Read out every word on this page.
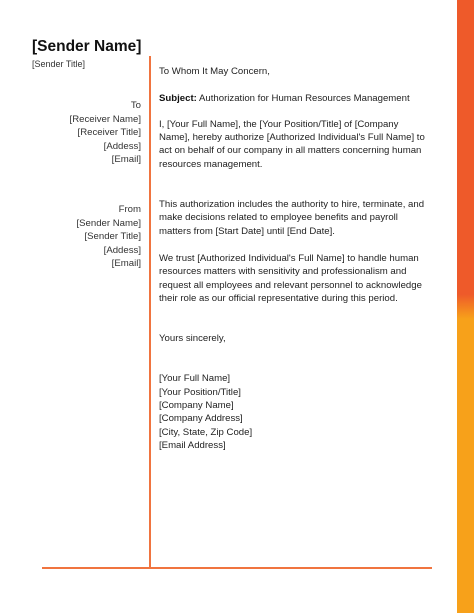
[Sender Name]
[Sender Title]
To
[Receiver Name]
[Receiver Title]
[Addess]
[Email]
From
[Sender Name]
[Sender Title]
[Addess]
[Email]

To Whom It May Concern,

Subject: Authorization for Human Resources Management

I, [Your Full Name], the [Your Position/Title] of [Company Name], hereby authorize [Authorized Individual's Full Name] to act on behalf of our company in all matters concerning human resources management.

This authorization includes the authority to hire, terminate, and make decisions related to employee benefits and payroll matters from [Start Date] until [End Date].

We trust [Authorized Individual's Full Name] to handle human resources matters with sensitivity and professionalism and request all employees and relevant personnel to acknowledge their role as our official representative during this period.

Yours sincerely,

[Your Full Name]
[Your Position/Title]
[Company Name]
[Company Address]
[City, State, Zip Code]
[Email Address]
